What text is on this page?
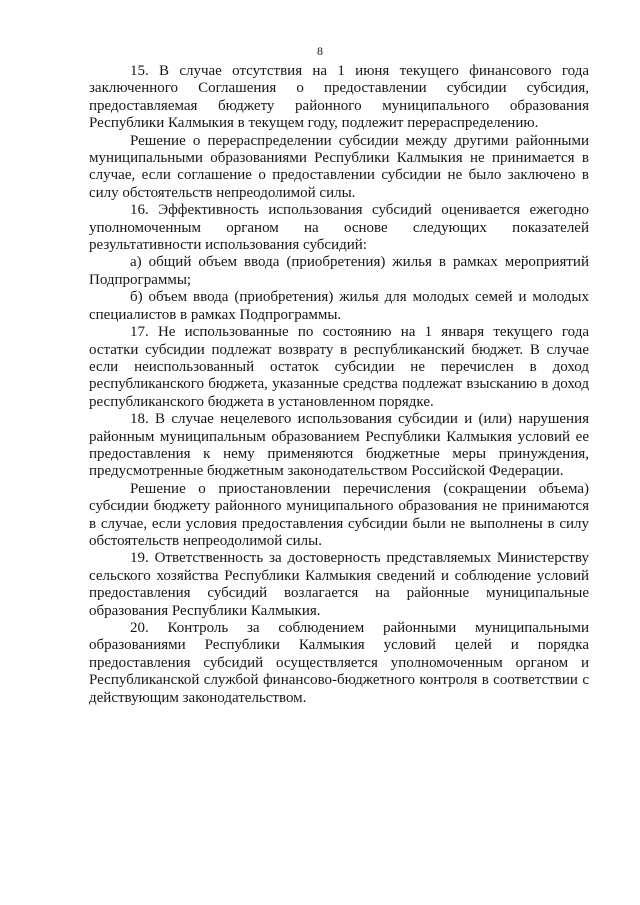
8

15. В случае отсутствия на 1 июня текущего финансового года заключенного Соглашения о предоставлении субсидии субсидия, предоставляемая бюджету районного муниципального образования Республики Калмыкия в текущем году, подлежит перераспределению.

Решение о перераспределении субсидии между другими районными муниципальными образованиями Республики Калмыкия не принимается в случае, если соглашение о предоставлении субсидии не было заключено в силу обстоятельств непреодолимой силы.

16. Эффективность использования субсидий оценивается ежегодно уполномоченным органом на основе следующих показателей результативности использования субсидий:

а) общий объем ввода (приобретения) жилья в рамках мероприятий Подпрограммы;

б) объем ввода (приобретения) жилья для молодых семей и молодых специалистов в рамках Подпрограммы.

17. Не использованные по состоянию на 1 января текущего года остатки субсидии подлежат возврату в республиканский бюджет. В случае если неиспользованный остаток субсидии не перечислен в доход республиканского бюджета, указанные средства подлежат взысканию в доход республиканского бюджета в установленном порядке.

18. В случае нецелевого использования субсидии и (или) нарушения районным муниципальным образованием Республики Калмыкия условий ее предоставления к нему применяются бюджетные меры принуждения, предусмотренные бюджетным законодательством Российской Федерации.

Решение о приостановлении перечисления (сокращении объема) субсидии бюджету районного муниципального образования не принимаются в случае, если условия предоставления субсидии были не выполнены в силу обстоятельств непреодолимой силы.

19. Ответственность за достоверность представляемых Министерству сельского хозяйства Республики Калмыкия сведений и соблюдение условий предоставления субсидий возлагается на районные муниципальные образования Республики Калмыкия.

20. Контроль за соблюдением районными муниципальными образованиями Республики Калмыкия условий целей и порядка предоставления субсидий осуществляется уполномоченным органом и Республиканской службой финансово-бюджетного контроля в соответствии с действующим законодательством.
